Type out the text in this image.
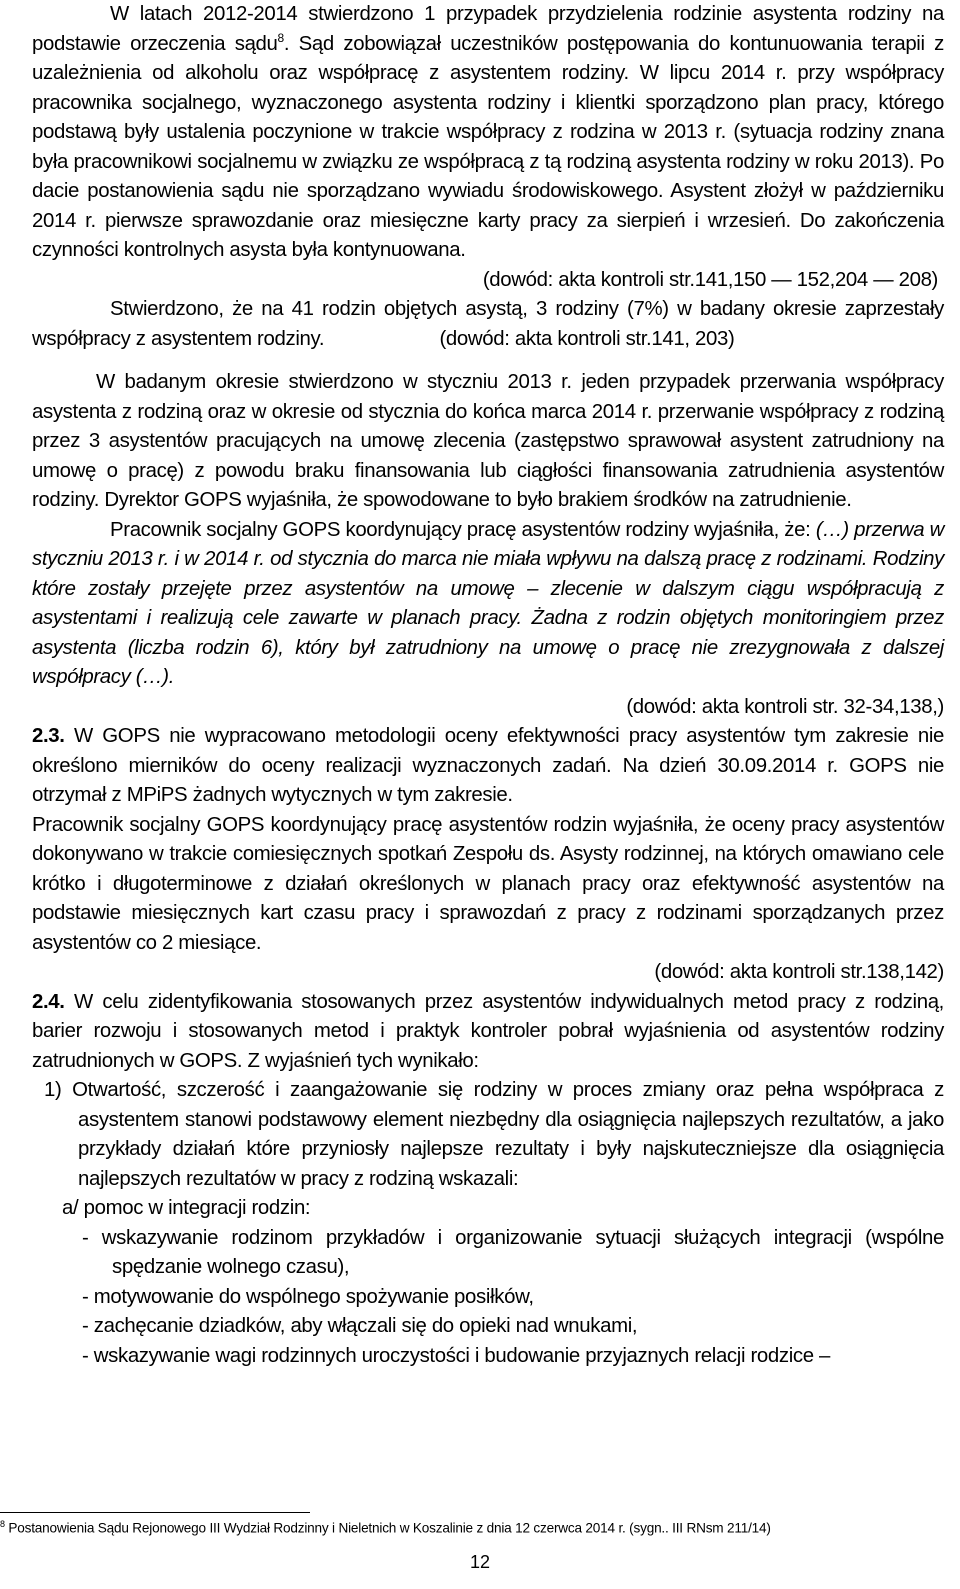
W latach 2012-2014 stwierdzono 1 przypadek przydzielenia rodzinie asystenta rodziny na podstawie orzeczenia sądu$^8$. Sąd zobowiązał uczestników postępowania do kontunuowania terapii z uzależnienia od alkoholu oraz współpracę z asystentem rodziny. W lipcu 2014 r. przy współpracy pracownika socjalnego, wyznaczonego asystenta rodziny i klientki sporządzono plan pracy, którego podstawą były ustalenia poczynione w trakcie współpracy z rodzina w 2013 r. (sytuacja rodziny znana była pracownikowi socjalnemu w związku ze współpracą z tą rodziną asystenta rodziny w roku 2013). Po dacie postanowienia sądu nie sporządzano wywiadu środowiskowego. Asystent złożył w październiku 2014 r. pierwsze sprawozdanie oraz miesięczne karty pracy za sierpień i wrzesień. Do zakończenia czynności kontrolnych asysta była kontynuowana.

(dowód: akta kontroli str.141,150 — 152,204 — 208)

Stwierdzono, że na 41 rodzin objętych asystą, 3 rodziny (7%) w badany okresie zaprzestały współpracy z asystentem rodziny.	(dowód: akta kontroli str.141, 203)

W badanym okresie stwierdzono w styczniu 2013 r. jeden przypadek przerwania współpracy asystenta z rodziną oraz w okresie od stycznia do końca marca 2014 r. przerwanie współpracy z rodziną przez 3 asystentów pracujących na umowę zlecenia (zastępstwo sprawował asystent zatrudniony na umowę o pracę) z powodu braku finansowania lub ciągłości finansowania zatrudnienia asystentów rodziny. Dyrektor GOPS wyjaśniła, że spowodowane to było brakiem środków na zatrudnienie.

Pracownik socjalny GOPS koordynujący pracę asystentów rodziny wyjaśniła, że: (…) przerwa w styczniu 2013 r. i w 2014 r. od stycznia do marca nie miała wpływu na dalszą pracę z rodzinami. Rodziny które zostały przejęte przez asystentów na umowę – zlecenie w dalszym ciągu współpracują z asystentami i realizują cele zawarte w planach pracy. Żadna z rodzin objętych monitoringiem przez asystenta (liczba rodzin 6), który był zatrudniony na umowę o pracę nie zrezygnowała z dalszej współpracy (…).

(dowód: akta kontroli str. 32-34,138,)

2.3. W GOPS nie wypracowano metodologii oceny efektywności pracy asystentów tym zakresie nie określono mierników do oceny realizacji wyznaczonych zadań. Na dzień 30.09.2014 r. GOPS nie otrzymał z MPiPS żadnych wytycznych w tym zakresie.

Pracownik socjalny GOPS koordynujący pracę asystentów rodzin wyjaśniła, że oceny pracy asystentów dokonywano w trakcie comiesięcznych spotkań Zespołu ds. Asysty rodzinnej, na których omawiano cele krótko i długoterminowe z działań określonych w planach pracy oraz efektywność asystentów na podstawie miesięcznych kart czasu pracy i sprawozdań z pracy z rodzinami sporządzanych przez asystentów co 2 miesiące.

(dowód: akta kontroli str.138,142)

2.4. W celu zidentyfikowania stosowanych przez asystentów indywidualnych metod pracy z rodziną, barier rozwoju i stosowanych metod i praktyk kontroler pobrał wyjaśnienia od asystentów rodziny zatrudnionych w GOPS. Z wyjaśnień tych wynikało:

1) Otwartość, szczerość i zaangażowanie się rodziny w proces zmiany oraz pełna współpraca z asystentem stanowi podstawowy element niezbędny dla osiągnięcia najlepszych rezultatów, a jako przykłady działań które przyniosły najlepsze rezultaty i były najskuteczniejsze dla osiągnięcia najlepszych rezultatów w pracy z rodziną wskazali:

a/ pomoc w integracji rodzin:

- wskazywanie rodzinom przykładów i organizowanie sytuacji służących integracji (wspólne spędzanie wolnego czasu),

- motywowanie do wspólnego spożywanie posiłków,

- zachęcanie dziadków, aby włączali się do opieki nad wnukami,

- wskazywanie wagi rodzinnych uroczystości i budowanie przyjaznych relacji rodzice –

$^8$ Postanowienia Sądu Rejonowego III Wydział Rodzinny i Nieletnich w Koszalinie z dnia 12 czerwca 2014 r. (sygn.. III RNsm 211/14)
12
